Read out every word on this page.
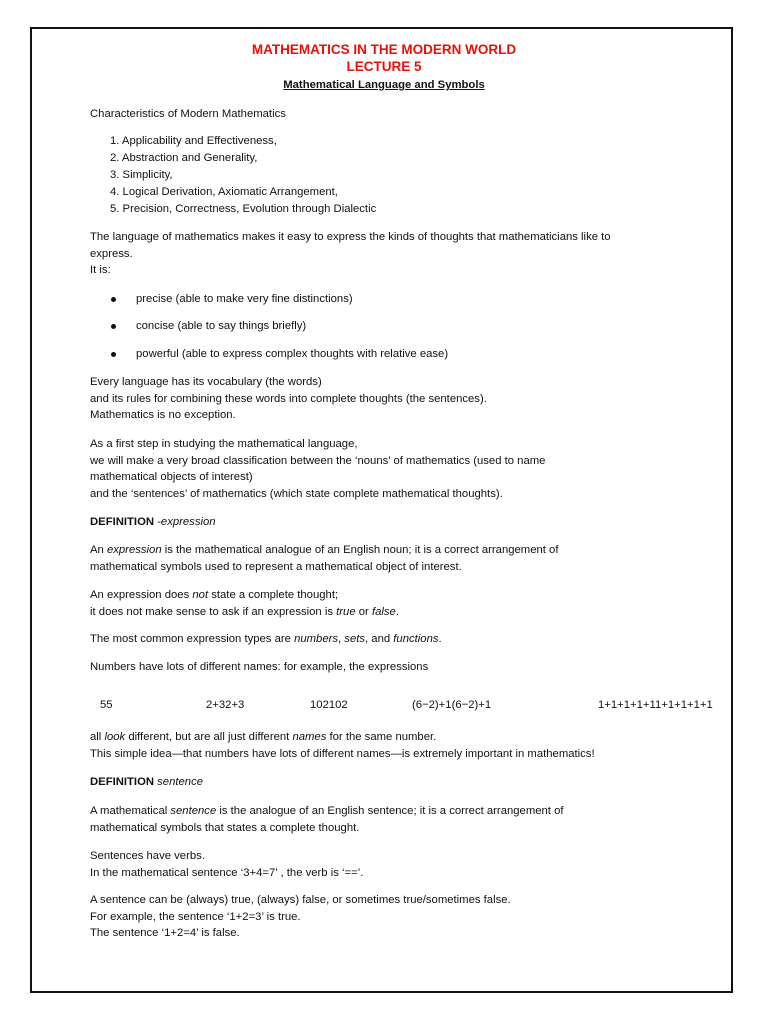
MATHEMATICS IN THE MODERN WORLD
LECTURE 5
Mathematical Language and Symbols

Characteristics of Modern Mathematics

1. Applicability and Effectiveness,
2. Abstraction and Generality,
3. Simplicity,
4. Logical Derivation, Axiomatic Arrangement,
5. Precision, Correctness, Evolution through Dialectic

The language of mathematics makes it easy to express the kinds of thoughts that mathematicians like to

express.

It is:

precise (able to make very fine distinctions)
concise (able to say things briefly)
powerful (able to express complex thoughts with relative ease)

Every language has its vocabulary (the words)

and its rules for combining these words into complete thoughts (the sentences).

Mathematics is no exception.

As a first step in studying the mathematical language,

we will make a very broad classification between the ‘nouns’ of mathematics (used to name

mathematical objects of interest)

and the ‘sentences’ of mathematics (which state complete mathematical thoughts).

DEFINITION -expression

An expression is the mathematical analogue of an English noun; it is a correct arrangement of

mathematical symbols used to represent a mathematical object of interest.

An expression does not state a complete thought;

it does not make sense to ask if an expression is true or false.

The most common expression types are numbers, sets, and functions.

Numbers have lots of different names: for example, the expressions

55	2+32+3	102102	(6−2)+1(6−2)+1	1+1+1+1+11+1+1+1+1

all look different, but are all just different names for the same number.

This simple idea—that numbers have lots of different names—is extremely important in mathematics!

DEFINITION sentence

A mathematical sentence is the analogue of an English sentence; it is a correct arrangement of

mathematical symbols that states a complete thought.

Sentences have verbs.

In the mathematical sentence ‘3+4=7’ , the verb is ‘==’.

A sentence can be (always) true, (always) false, or sometimes true/sometimes false.

For example, the sentence ‘1+2=3’ is true.

The sentence ‘1+2=4’ is false.
